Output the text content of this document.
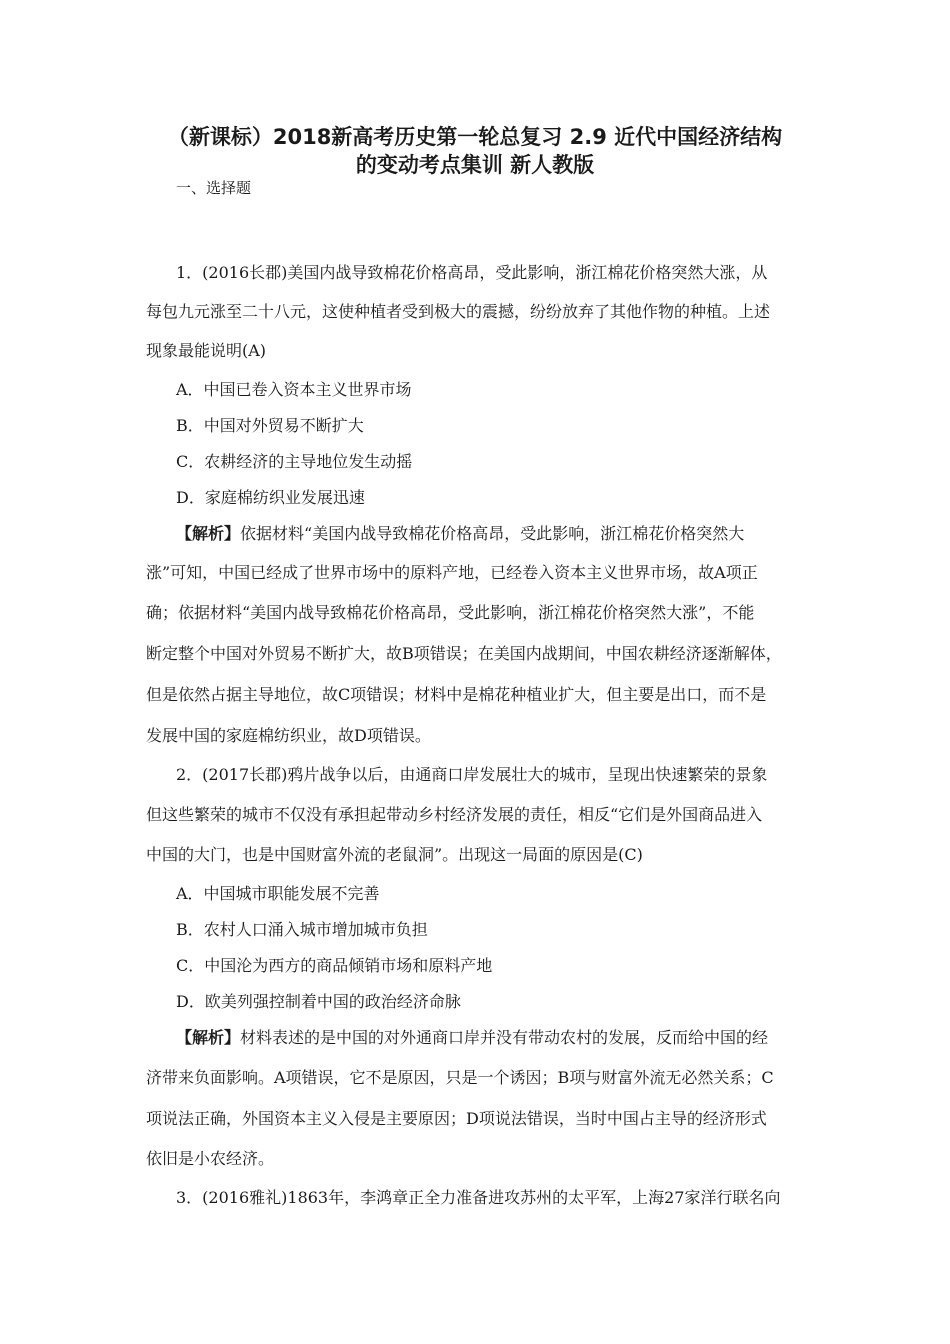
（新课标）2018新高考历史第一轮总复习 2.9 近代中国经济结构
的变动考点集训 新人教版
一、选择题
1．(2016长郡)美国内战导致棉花价格高昂，受此影响，浙江棉花价格突然大涨，从
每包九元涨至二十八元，这使种植者受到极大的震撼，纷纷放弃了其他作物的种植。上述
现象最能说明(A)
A．中国已卷入资本主义世界市场
B．中国对外贸易不断扩大
C．农耕经济的主导地位发生动摇
D．家庭棉纺织业发展迅速
【解析】依据材料“美国内战导致棉花价格高昂，受此影响，浙江棉花价格突然大
涨”可知，中国已经成了世界市场中的原料产地，已经卷入资本主义世界市场，故A项正
确；依据材料“美国内战导致棉花价格高昂，受此影响，浙江棉花价格突然大涨”，不能
断定整个中国对外贸易不断扩大，故B项错误；在美国内战期间，中国农耕经济逐渐解体，
但是依然占据主导地位，故C项错误；材料中是棉花种植业扩大，但主要是出口，而不是
发展中国的家庭棉纺织业，故D项错误。
2．(2017长郡)鸦片战争以后，由通商口岸发展壮大的城市，呈现出快速繁荣的景象
但这些繁荣的城市不仅没有承担起带动乡村经济发展的责任，相反“它们是外国商品进入
中国的大门，也是中国财富外流的老鼠洞”。出现这一局面的原因是(C)
A．中国城市职能发展不完善
B．农村人口涌入城市增加城市负担
C．中国沦为西方的商品倾销市场和原料产地
D．欧美列强控制着中国的政治经济命脉
【解析】材料表述的是中国的对外通商口岸并没有带动农村的发展，反而给中国的经
济带来负面影响。A项错误，它不是原因，只是一个诱因；B项与财富外流无必然关系；C
项说法正确，外国资本主义入侵是主要原因；D项说法错误，当时中国占主导的经济形式
依旧是小农经济。
3．(2016雅礼)1863年，李鸿章正全力准备进攻苏州的太平军，上海27家洋行联名向
